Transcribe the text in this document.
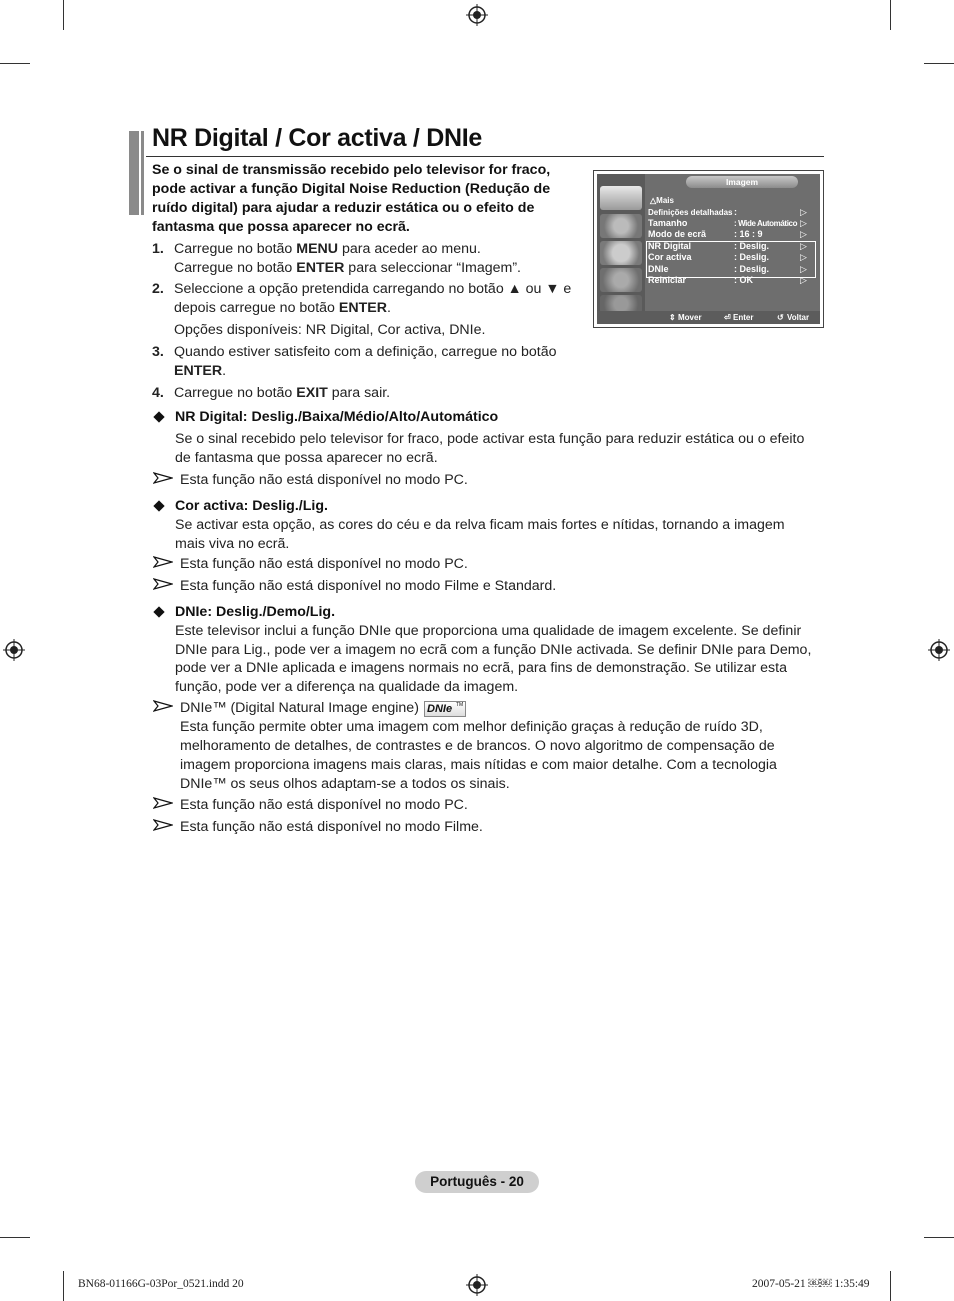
NR Digital / Cor activa / DNIe
Se o sinal de transmissão recebido pelo televisor for fraco, pode activar a função Digital Noise Reduction (Redução de ruído digital) para ajudar a reduzir estática ou o efeito de fantasma que possa aparecer no ecrã.
1. Carregue no botão MENU para aceder ao menu.
Carregue no botão ENTER para seleccionar “Imagem”.
2. Seleccione a opção pretendida carregando no botão ▲ ou ▼ e
depois carregue no botão ENTER.
Opções disponíveis: NR Digital, Cor activa, DNIe.
3. Quando estiver satisfeito com a definição, carregue no botão
ENTER.
4. Carregue no botão EXIT para sair.
Imagem
△Mais
Definições detalhadas :	▷
Tamanho	: Wide Automático ▷
Modo de ecrã	: 16 : 9	▷
NR Digital	: Deslig.	▷
Cor activa	: Deslig.	▷
DNIe	: Deslig.	▷
Reiniciar	: OK	▷
⇕ Mover	⏎ Enter	↺ Voltar
NR Digital: Deslig./Baixa/Médio/Alto/Automático
Se o sinal recebido pelo televisor for fraco, pode activar esta função para reduzir estática ou o efeito
de fantasma que possa aparecer no ecrã.
Esta função não está disponível no modo PC.
Cor activa: Deslig./Lig.
Se activar esta opção, as cores do céu e da relva ficam mais fortes e nítidas, tornando a imagem
mais viva no ecrã.
Esta função não está disponível no modo PC.
Esta função não está disponível no modo Filme e Standard.
DNIe: Deslig./Demo/Lig.
Este televisor inclui a função DNIe que proporciona uma qualidade de imagem excelente. Se definir
DNIe para Lig., pode ver a imagem no ecrã com a função DNIe activada. Se definir DNIe para Demo,
pode ver a DNIe aplicada e imagens normais no ecrã, para fins de demonstração. Se utilizar esta
função, pode ver a diferença na qualidade da imagem.
DNIe™ (Digital Natural Image engine) DNIe TM
Esta função permite obter uma imagem com melhor definição graças à redução de ruído 3D,
melhoramento de detalhes, de contrastes e de brancos. O novo algoritmo de compensação de
imagem proporciona imagens mais claras, mais nítidas e com maior detalhe. Com a tecnologia
DNIe™ os seus olhos adaptam-se a todos os sinais.
Esta função não está disponível no modo PC.
Esta função não está disponível no modo Filme.
Português - 20
BN68-01166G-03Por_0521.indd 20	2007-05-21 ￼￼ 1:35:49
